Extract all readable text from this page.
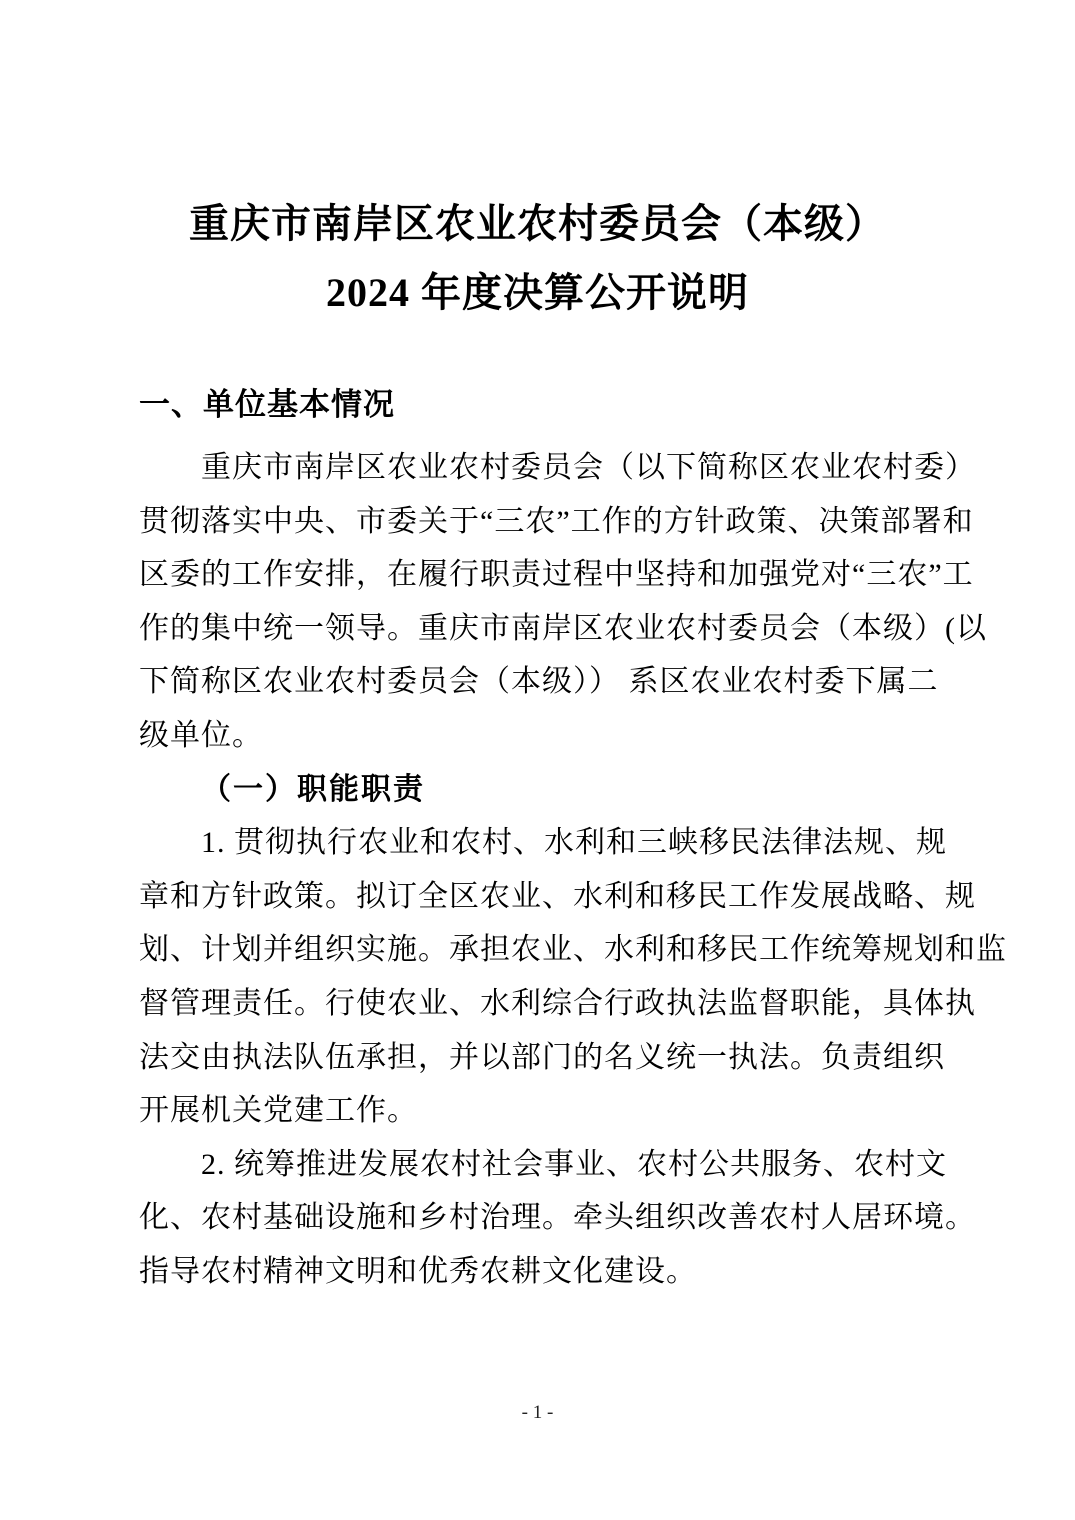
重庆市南岸区农业农村委员会（本级）
2024 年度决算公开说明
一、单位基本情况
重庆市南岸区农业农村委员会（以下简称区农业农村委）
贯彻落实中央、市委关于“三农”工作的方针政策、决策部署和
区委的工作安排，在履行职责过程中坚持和加强党对“三农”工
作的集中统一领导。重庆市南岸区农业农村委员会（本级）(以
下简称区农业农村委员会（本级）） 系区农业农村委下属二
级单位。
（一）职能职责
1. 贯彻执行农业和农村、水利和三峡移民法律法规、规
章和方针政策。拟订全区农业、水利和移民工作发展战略、规
划、计划并组织实施。承担农业、水利和移民工作统筹规划和监
督管理责任。行使农业、水利综合行政执法监督职能，具体执
法交由执法队伍承担，并以部门的名义统一执法。负责组织
开展机关党建工作。
2. 统筹推进发展农村社会事业、农村公共服务、农村文
化、农村基础设施和乡村治理。牵头组织改善农村人居环境。
指导农村精神文明和优秀农耕文化建设。
- 1 -
